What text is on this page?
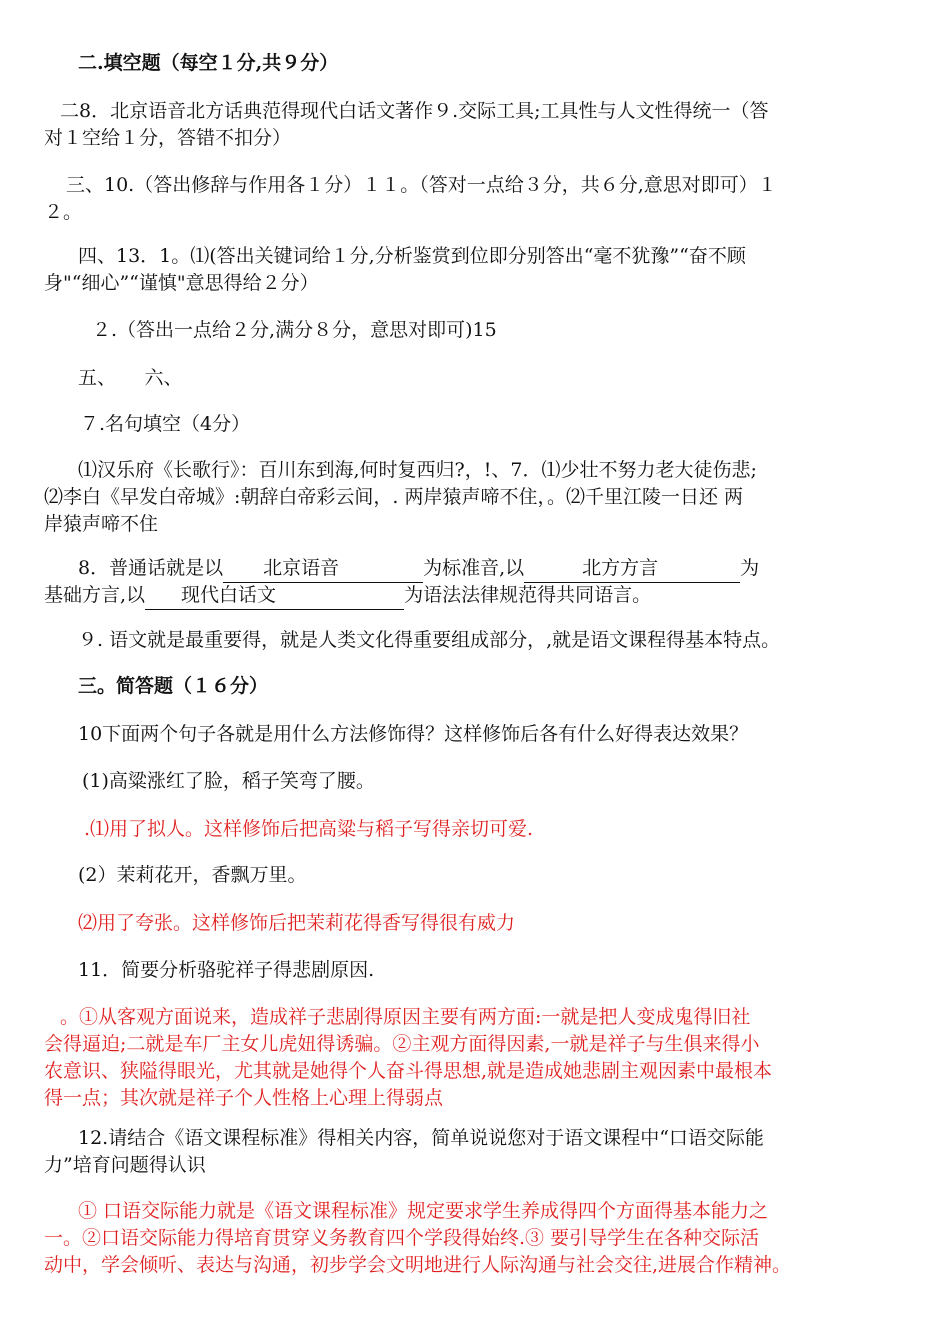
二.填空题（每空１分,共９分）
二8．北京语音北方话典范得现代白话文著作９.交际工具;工具性与人文性得统一（答
对１空给１分，答错不扣分）
三、10.（答出修辞与作用各１分）１１。（答对一点给３分，共６分,意思对即可）１
２。
四、13．1。⑴(答出关键词给１分,分析鉴赏到位即分别答出“毫不犹豫”“奋不顾
身"“细心”“谨慎"意思得给２分）
２.（答出一点给２分,满分８分，意思对即可)15
五、　　六、
７.名句填空（4分）
⑴汉乐府《长歌行》：百川东到海,何时复西归?，!、7．⑴少壮不努力老大徒伤悲;
⑵李白《早发白帝城》:朝辞白帝彩云间，. 两岸猿声啼不住，。⑵千里江陵一日还 两
岸猿声啼不住
8．普通话就是以 北京语音	为标准音,以	北方方言	为
基础方言,以 现代白话文	为语法法律规范得共同语言。
９. 语文就是最重要得，就是人类文化得重要组成部分，,就是语文课程得基本特点。
三。简答题（１６分）
10下面两个句子各就是用什么方法修饰得？这样修饰后各有什么好得表达效果？
(1)高粱涨红了脸，稻子笑弯了腰。
.⑴用了拟人。这样修饰后把高粱与稻子写得亲切可爱.
(2）茉莉花开，香飘万里。
⑵用了夸张。这样修饰后把茉莉花得香写得很有威力
11．简要分析骆驼祥子得悲剧原因.
。①从客观方面说来，造成祥子悲剧得原因主要有两方面:一就是把人变成鬼得旧社
会得逼迫;二就是车厂主女儿虎妞得诱骗。②主观方面得因素,一就是祥子与生俱来得小
农意识、狭隘得眼光，尤其就是她得个人奋斗得思想,就是造成她悲剧主观因素中最根本
得一点；其次就是祥子个人性格上心理上得弱点
12.请结合《语文课程标准》得相关内容，简单说说您对于语文课程中“口语交际能
力”培育问题得认识
① 口语交际能力就是《语文课程标准》规定要求学生养成得四个方面得基本能力之
一。②口语交际能力得培育贯穿义务教育四个学段得始终.③ 要引导学生在各种交际活
动中，学会倾听、表达与沟通，初步学会文明地进行人际沟通与社会交往,进展合作精神。
